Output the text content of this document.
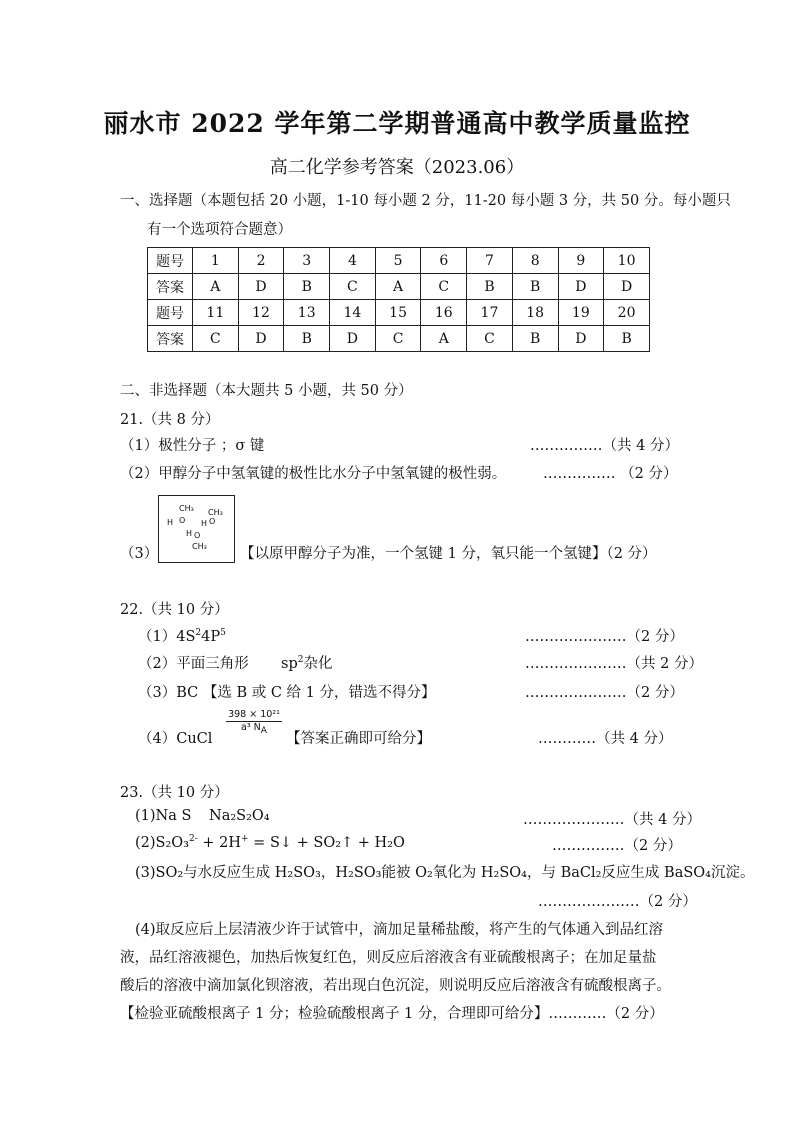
丽水市 2022 学年第二学期普通高中教学质量监控
高二化学参考答案（2023.06）
一、选择题（本题包括 20 小题，1-10 每小题 2 分，11-20 每小题 3 分，共 50 分。每小题只
有一个选项符合题意）
题号	1	2	3	4	5	6	7	8	9	10
答案	A	D	B	C	A	C	B	B	D	D
题号	11	12	13	14	15	16	17	18	19	20
答案	C	D	B	D	C	A	C	B	D	B
二、非选择题（本大题共 5 小题，共 50 分）
21.（共 8 分）
（1）极性分子 ；σ 键	……………（共 4 分）
（2）甲醇分子中氢氧键的极性比水分子中氢氧键的极性弱。	…………… （2 分）
（3）
CH₃ CH₃
H O H O
H O
CH₃ 【以原甲醇分子为准，一个氢键 1 分，氧只能一个氢键】（2 分）
22.（共 10 分）
$(1)4S^24P^5$	…………………（2 分）
（2）平面三角形 $sp^2$杂化	…………………（共 2 分）
（3）BC 【选 B 或 C 给 1 分，错选不得分】	…………………（2 分）
（4）CuCl
$\frac{\text{398 × 10²¹}}{a^3 N_A}$
【答案正确即可给分】	…………（共 4 分）
23.（共 10 分）
(1)Na S Na₂S₂O₄	…………………（共 4 分）
(2)S₂O₃$^{2-}$ + 2H+ = S↓ + SO₂↑ + H₂O	……………（2 分）
(3)SO₂与水反应生成 H₂SO₃，H₂SO₃能被 O₂氧化为 H₂SO₄，与 BaCl₂反应生成 BaSO₄沉淀。
…………………（2 分）
(4)取反应后上层清液少许于试管中，滴加足量稀盐酸，将产生的气体通入到品红溶
液，品红溶液褪色，加热后恢复红色，则反应后溶液含有亚硫酸根离子；在加足量盐
酸后的溶液中滴加氯化钡溶液，若出现白色沉淀，则说明反应后溶液含有硫酸根离子。
【检验亚硫酸根离子 1 分；检验硫酸根离子 1 分，合理即可给分】…………（2 分）
